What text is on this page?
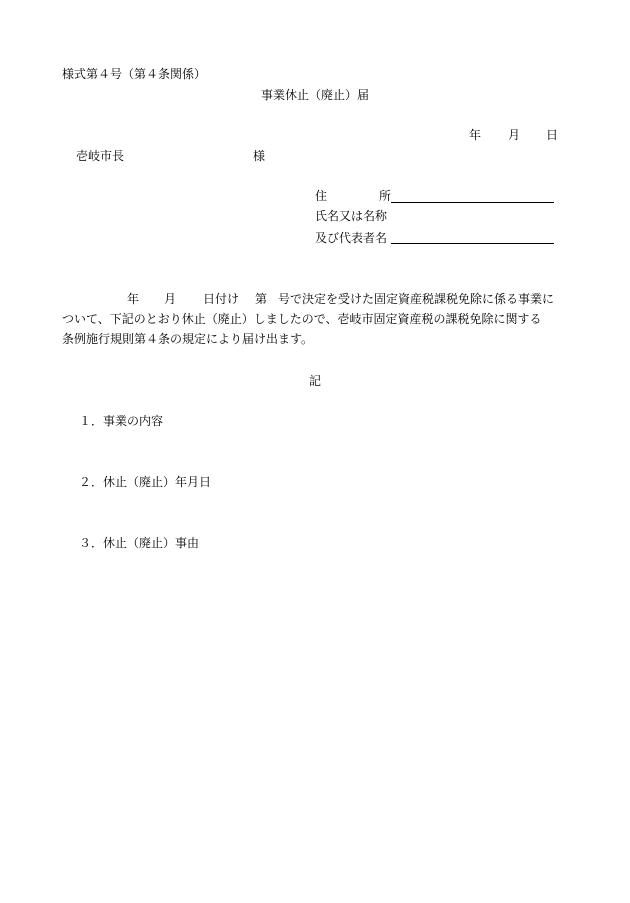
様式第４号（第４条関係）
事業休止（廃止）届
年 月 日
壱岐市長	様
住	所
氏名又は名称
及び代表者名
年 月 日付け 第 号で決定を受けた固定資産税課税免除に係る事業に
ついて、下記のとおり休止（廃止）しましたので、壱岐市固定資産税の課税免除に関する
条例施行規則第４条の規定により届け出ます。
記
１．事業の内容
２．休止（廃止）年月日
３．休止（廃止）事由
